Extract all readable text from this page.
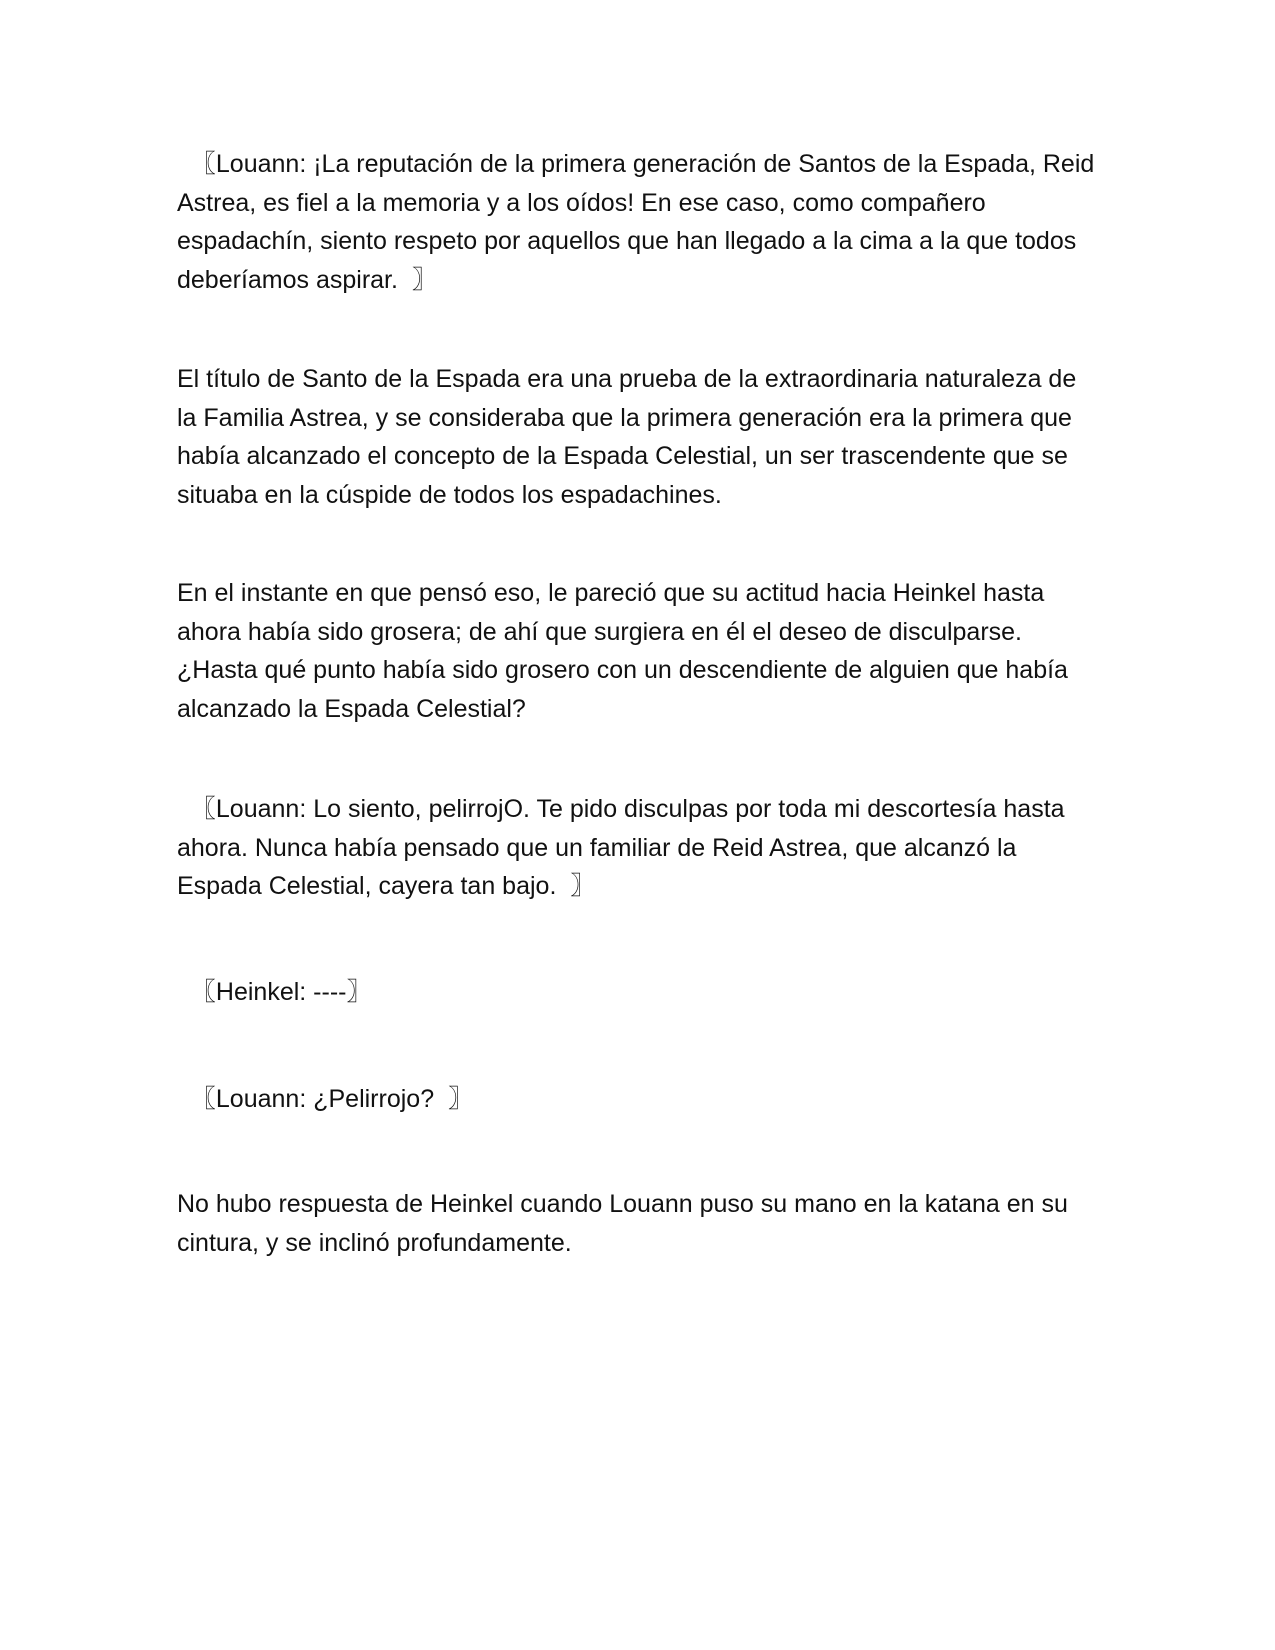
〖Louann: ¡La reputación de la primera generación de Santos de la Espada, Reid Astrea, es fiel a la memoria y a los oídos! En ese caso, como compañero espadachín, siento respeto por aquellos que han llegado a la cima a la que todos deberíamos aspirar.  〗

El título de Santo de la Espada era una prueba de la extraordinaria naturaleza de la Familia Astrea, y se consideraba que la primera generación era la primera que había alcanzado el concepto de la Espada Celestial, un ser trascendente que se situaba en la cúspide de todos los espadachines.

En el instante en que pensó eso, le pareció que su actitud hacia Heinkel hasta ahora había sido grosera; de ahí que surgiera en él el deseo de disculparse. ¿Hasta qué punto había sido grosero con un descendiente de alguien que había alcanzado la Espada Celestial?

〖Louann: Lo siento, pelirrojO. Te pido disculpas por toda mi descortesía hasta ahora. Nunca había pensado que un familiar de Reid Astrea, que alcanzó la Espada Celestial, cayera tan bajo.  〗

〖Heinkel: ----〗

〖Louann: ¿Pelirrojo?  〗

No hubo respuesta de Heinkel cuando Louann puso su mano en la katana en su cintura, y se inclinó profundamente.
